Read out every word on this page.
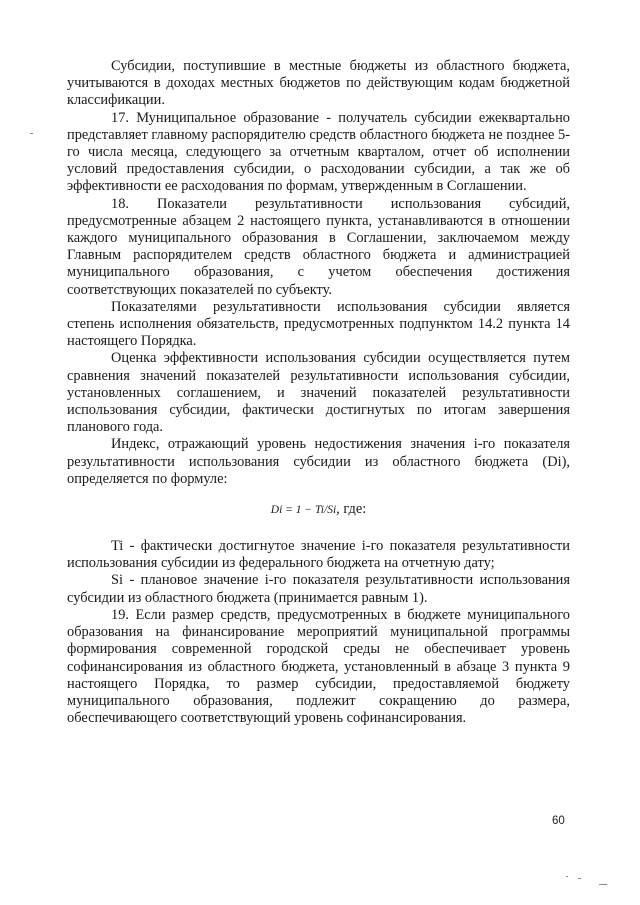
Субсидии, поступившие в местные бюджеты из областного бюджета, учитываются в доходах местных бюджетов по действующим кодам бюджетной классификации.

17. Муниципальное образование - получатель субсидии ежеквартально представляет главному распорядителю средств областного бюджета не позднее 5-го числа месяца, следующего за отчетным кварталом, отчет об исполнении условий предоставления субсидии, о расходовании субсидии, а так же об эффективности ее расходования по формам, утвержденным в Соглашении.

18. Показатели результативности использования субсидий, предусмотренные абзацем 2 настоящего пункта, устанавливаются в отношении каждого муниципального образования в Соглашении, заключаемом между Главным распорядителем средств областного бюджета и администрацией муниципального образования, с учетом обеспечения достижения соответствующих показателей по субъекту.

Показателями результативности использования субсидии является степень исполнения обязательств, предусмотренных подпунктом 14.2 пункта 14 настоящего Порядка.

Оценка эффективности использования субсидии осуществляется путем сравнения значений показателей результативности использования субсидии, установленных соглашением, и значений показателей результативности использования субсидии, фактически достигнутых по итогам завершения планового года.

Индекс, отражающий уровень недостижения значения i-го показателя результативности использования субсидии из областного бюджета (Di), определяется по формуле:

Di = 1 − Ti/Si, где:

Ti - фактически достигнутое значение i-го показателя результативности использования субсидии из федерального бюджета на отчетную дату;

Si - плановое значение i-го показателя результативности использования субсидии из областного бюджета (принимается равным 1).

19. Если размер средств, предусмотренных в бюджете муниципального образования на финансирование мероприятий муниципальной программы формирования современной городской среды не обеспечивает уровень софинансирования из областного бюджета, установленный в абзаце 3 пункта 9 настоящего Порядка, то размер субсидии, предоставляемой бюджету муниципального образования, подлежит сокращению до размера, обеспечивающего соответствующий уровень софинансирования.

60
